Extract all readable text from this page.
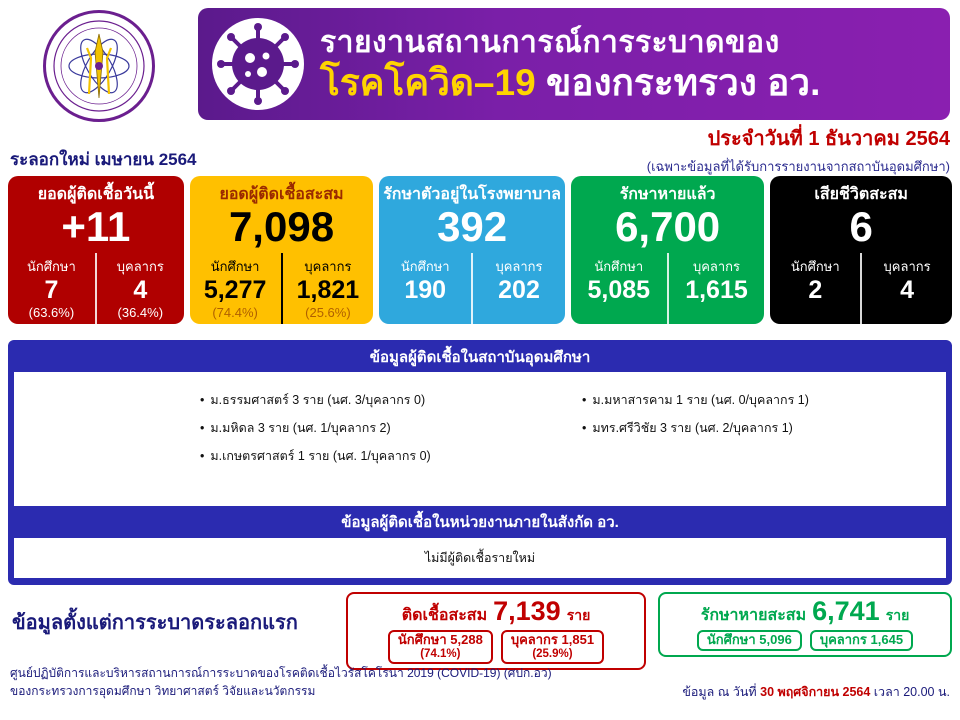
รายงานสถานการณ์การระบาดของ
โรคโควิด–19 ของกระทรวง อว.
ประจำวันที่ 1 ธันวาคม 2564
(เฉพาะข้อมูลที่ได้รับการรายงานจากสถาบันอุดมศึกษา)
ระลอกใหม่ เมษายน 2564
ยอดผู้ติดเชื้อวันนี้
+11
นักศึกษา
7
(63.6%)
บุคลากร
4
(36.4%)
ยอดผู้ติดเชื้อสะสม
7,098
นักศึกษา
5,277
(74.4%)
บุคลากร
1,821
(25.6%)
รักษาตัวอยู่ในโรงพยาบาล
392
นักศึกษา
190
บุคลากร
202
รักษาหายแล้ว
6,700
นักศึกษา
5,085
บุคลากร
1,615
เสียชีวิตสะสม
6
นักศึกษา
2
บุคลากร
4
ข้อมูลผู้ติดเชื้อในสถาบันอุดมศึกษา
• ม.ธรรมศาสตร์ 3 ราย (นศ. 3/บุคลากร 0)
• ม.มหิดล 3 ราย (นศ. 1/บุคลากร 2)
• ม.เกษตรศาสตร์ 1 ราย (นศ. 1/บุคลากร 0)
• ม.มหาสารคาม 1 ราย (นศ. 0/บุคลากร 1)
• มทร.ศรีวิชัย 3 ราย (นศ. 2/บุคลากร 1)
ข้อมูลผู้ติดเชื้อในหน่วยงานภายในสังกัด อว.
ไม่มีผู้ติดเชื้อรายใหม่
ข้อมูลตั้งแต่การระบาดระลอกแรก	ติดเชื้อสะสม 7,139 ราย
นักศึกษา 5,288
(74.1%)
บุคลากร 1,851
(25.9%)
รักษาหายสะสม 6,741 ราย
นักศึกษา 5,096 บุคลากร 1,645
ศูนย์ปฏิบัติการและบริหารสถานการณ์การระบาดของโรคติดเชื้อไวรัสโคโรนา 2019 (COVID-19) (ศปก.อว)
ของกระทรวงการอุดมศึกษา วิทยาศาสตร์ วิจัยและนวัตกรรม	ข้อมูล ณ วันที่ 30 พฤศจิกายน 2564 เวลา 20.00 น.
